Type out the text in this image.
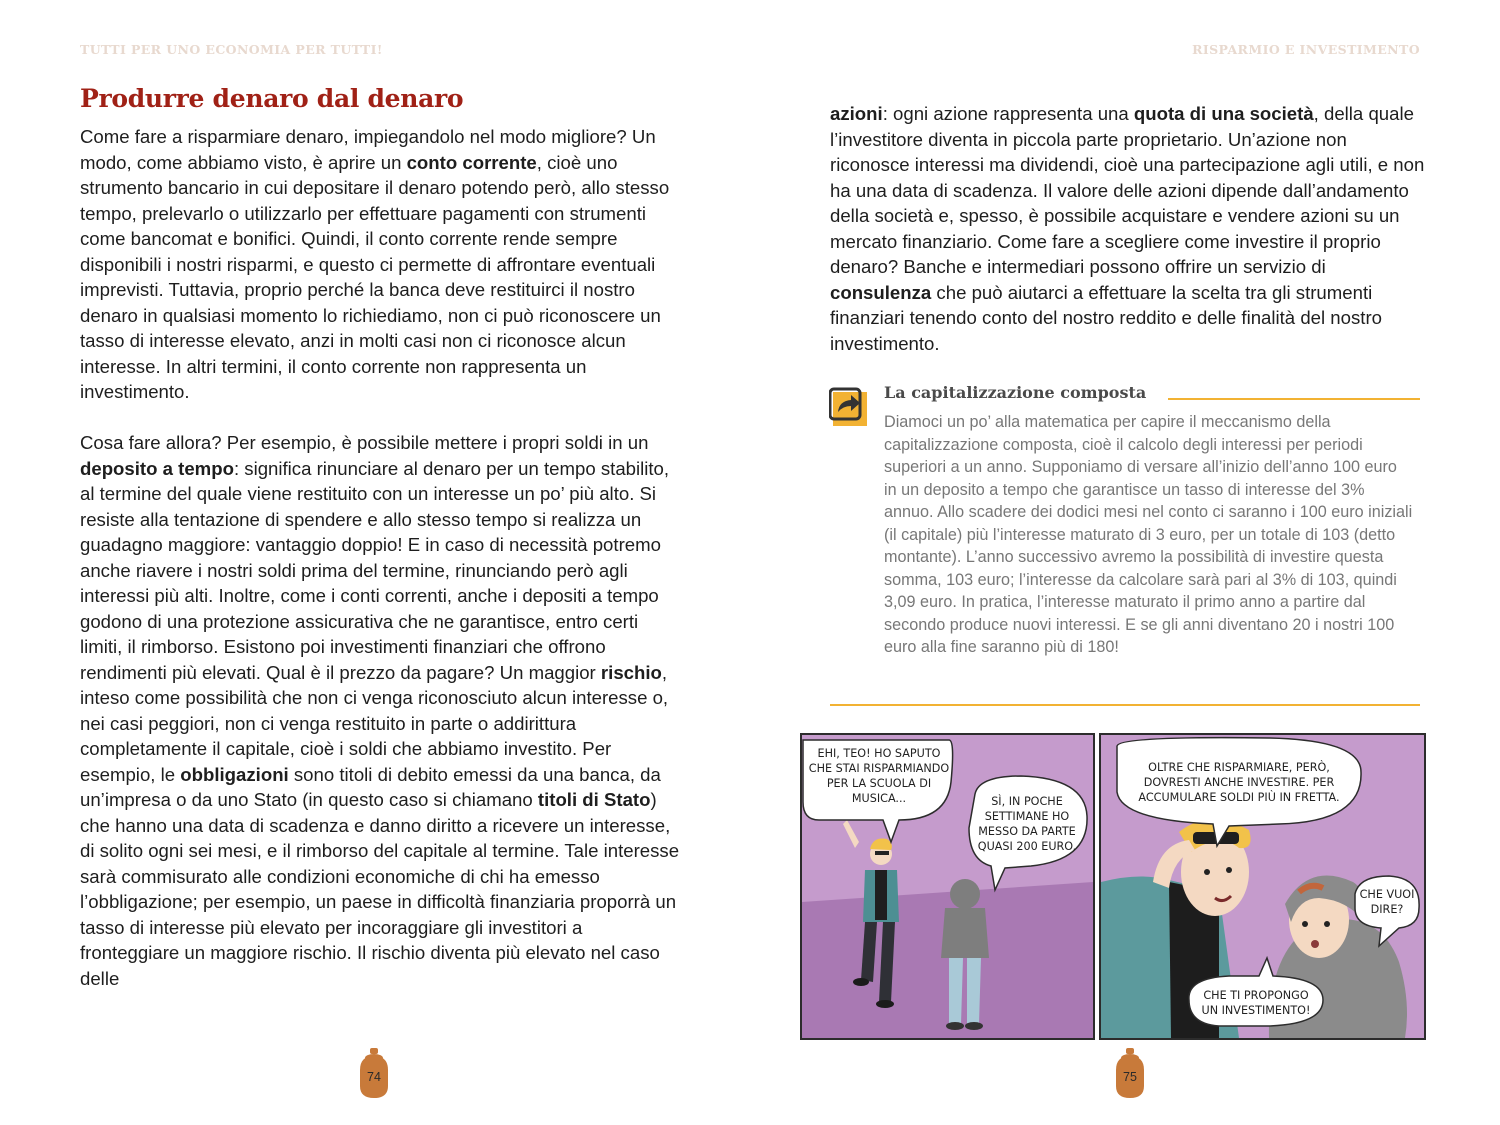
TUTTI PER UNO ECONOMIA PER TUTTI!	RISPARMIO E INVESTIMENTO
Produrre denaro dal denaro

Come fare a risparmiare denaro, impiegandolo nel modo migliore? Un modo, come abbiamo visto, è aprire un conto corrente, cioè uno strumento bancario in cui depositare il denaro potendo però, allo stesso tempo, prelevarlo o utilizzarlo per effettuare pagamenti con strumenti come bancomat e bonifici. Quindi, il conto corrente rende sempre disponibili i nostri risparmi, e questo ci permette di affrontare eventuali imprevisti. Tuttavia, proprio perché la banca deve restituirci il nostro denaro in qualsiasi momento lo richiediamo, non ci può riconoscere un tasso di interesse elevato, anzi in molti casi non ci riconosce alcun interesse. In altri termini, il conto corrente non rappresenta un investimento.

Cosa fare allora? Per esempio, è possibile mettere i propri soldi in un deposito a tempo: significa rinunciare al denaro per un tempo stabilito, al termine del quale viene restituito con un interesse un po’ più alto. Si resiste alla tentazione di spendere e allo stesso tempo si realizza un guadagno maggiore: vantaggio doppio! E in caso di necessità potremo anche riavere i nostri soldi prima del termine, rinunciando però agli interessi più alti. Inoltre, come i conti correnti, anche i depositi a tempo godono di una protezione assicurativa che ne garantisce, entro certi limiti, il rimborso. Esistono poi investimenti finanziari che offrono rendimenti più elevati. Qual è il prezzo da pagare? Un maggior rischio, inteso come possibilità che non ci venga riconosciuto alcun interesse o, nei casi peggiori, non ci venga restituito in parte o addirittura completamente il capitale, cioè i soldi che abbiamo investito. Per esempio, le obbligazioni sono titoli di debito emessi da una banca, da un’impresa o da uno Stato (in questo caso si chiamano titoli di Stato) che hanno una data di scadenza e danno diritto a ricevere un interesse, di solito ogni sei mesi, e il rimborso del capitale al termine. Tale interesse sarà commisurato alle condizioni economiche di chi ha emesso l’obbligazione; per esempio, un paese in difficoltà finanziaria proporrà un tasso di interesse più elevato per incoraggiare gli investitori a fronteggiare un maggiore rischio. Il rischio diventa più elevato nel caso delle

74

azioni: ogni azione rappresenta una quota di una società, della quale l’investitore diventa in piccola parte proprietario. Un’azione non riconosce interessi ma dividendi, cioè una partecipazione agli utili, e non ha una data di scadenza. Il valore delle azioni dipende dall’andamento della società e, spesso, è possibile acquistare e vendere azioni su un mercato finanziario. Come fare a scegliere come investire il proprio denaro? Banche e intermediari possono offrire un servizio di consulenza che può aiutarci a effettuare la scelta tra gli strumenti finanziari tenendo conto del nostro reddito e delle finalità del nostro investimento.

La capitalizzazione composta

Diamoci un po’ alla matematica per capire il meccanismo della capitalizzazione composta, cioè il calcolo degli interessi per periodi superiori a un anno. Supponiamo di versare all’inizio dell’anno 100 euro in un deposito a tempo che garantisce un tasso di interesse del 3% annuo. Allo scadere dei dodici mesi nel conto ci saranno i 100 euro iniziali (il capitale) più l’interesse maturato di 3 euro, per un totale di 103 (detto montante). L’anno successivo avremo la possibilità di investire questa somma, 103 euro; l’interesse da calcolare sarà pari al 3% di 103, quindi 3,09 euro. In pratica, l’interesse maturato il primo anno a partire dal secondo produce nuovi interessi. E se gli anni diventano 20 i nostri 100 euro alla fine saranno più di 180!

EHI, TEO! HO SAPUTO
CHE STAI RISPARMIANDO
PER LA SCUOLA DI
MUSICA...	SÌ, IN POCHE
SETTIMANE HO
MESSO DA PARTE
QUASI 200 EURO.
OLTRE CHE RISPARMIARE, PERÒ,
DOVRESTI ANCHE INVESTIRE. PER
ACCUMULARE SOLDI PIÙ IN FRETTA.
CHE VUOI
DIRE?
CHE TI PROPONGO
UN INVESTIMENTO!
75
